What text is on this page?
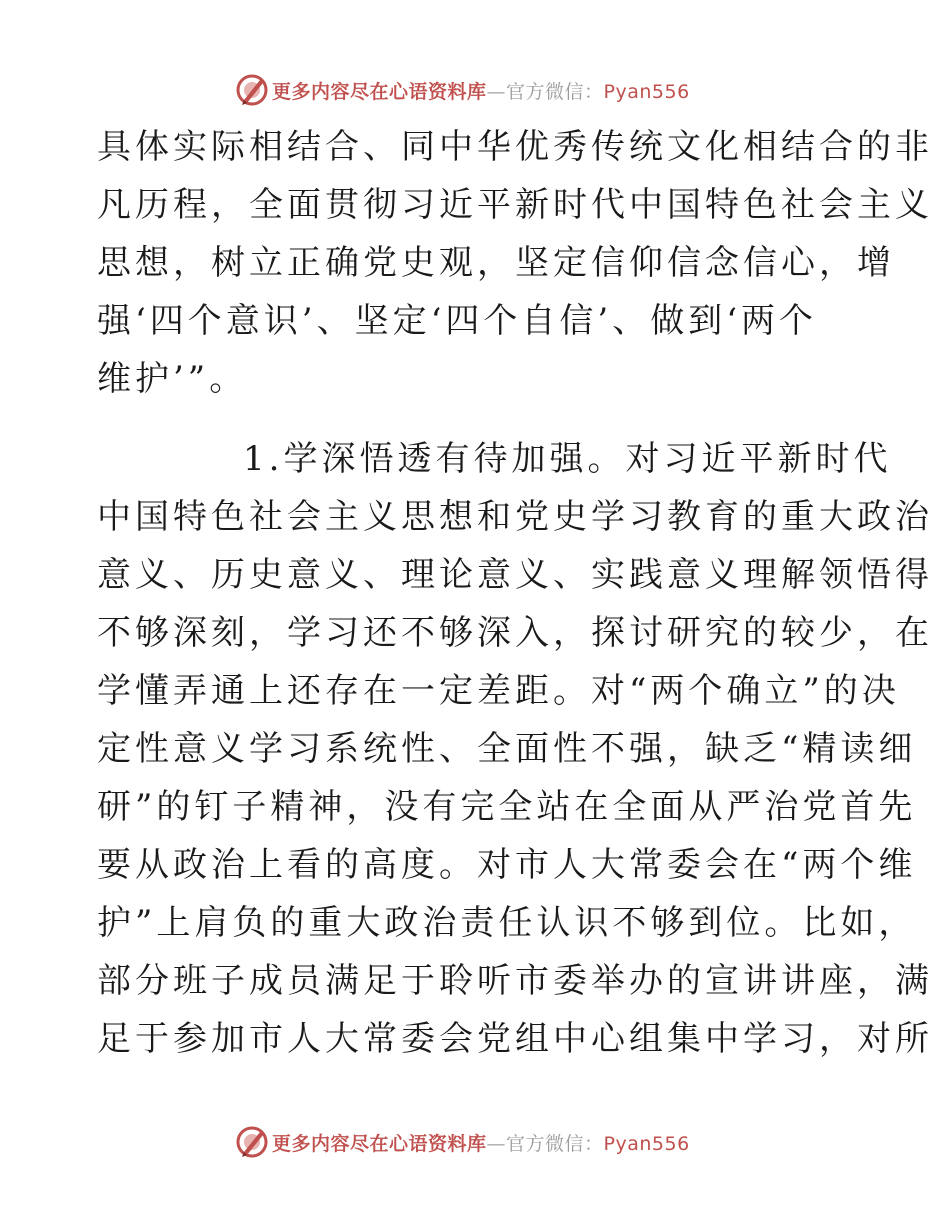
更多内容尽在心语资料库—官方微信：Pyan556
具体实际相结合、同中华优秀传统文化相结合的非
凡历程，全面贯彻习近平新时代中国特色社会主义
思想，树立正确党史观，坚定信仰信念信心，增
强‘四个意识’、坚定‘四个自信’、做到‘两个
维护’”。
1.学深悟透有待加强。对习近平新时代
中国特色社会主义思想和党史学习教育的重大政治
意义、历史意义、理论意义、实践意义理解领悟得
不够深刻，学习还不够深入，探讨研究的较少，在
学懂弄通上还存在一定差距。对“两个确立”的决
定性意义学习系统性、全面性不强，缺乏“精读细
研”的钉子精神，没有完全站在全面从严治党首先
要从政治上看的高度。对市人大常委会在“两个维
护”上肩负的重大政治责任认识不够到位。比如，
部分班子成员满足于聆听市委举办的宣讲讲座，满
足于参加市人大常委会党组中心组集中学习，对所
更多内容尽在心语资料库—官方微信：Pyan556
